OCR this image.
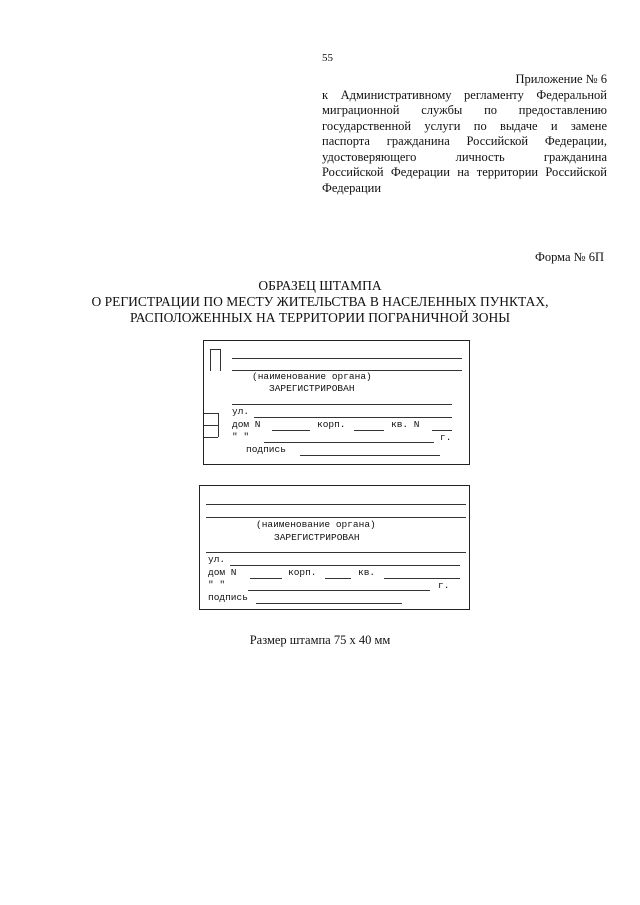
55
Приложение № 6
к Административному регламенту Федеральной
миграционной службы по предоставлению
государственной услуги по выдаче и замене
паспорта гражданина Российской Федерации,
удостоверяющего личность гражданина
Российской Федерации на территории Российской
Федерации
Форма № 6П
ОБРАЗЕЦ ШТАМПА
О РЕГИСТРАЦИИ ПО МЕСТУ ЖИТЕЛЬСТВА В НАСЕЛЕННЫХ ПУНКТАХ,
РАСПОЛОЖЕННЫХ НА ТЕРРИТОРИИ ПОГРАНИЧНОЙ ЗОНЫ
(наименование органа)
ЗАРЕГИСТРИРОВАН
ул.
дом N	корп.	кв. N
" "	г.
подпись
(наименование органа)
ЗАРЕГИСТРИРОВАН
ул.
дом N	корп.	кв.
" "	г.
подпись
Размер штампа 75 х 40 мм
